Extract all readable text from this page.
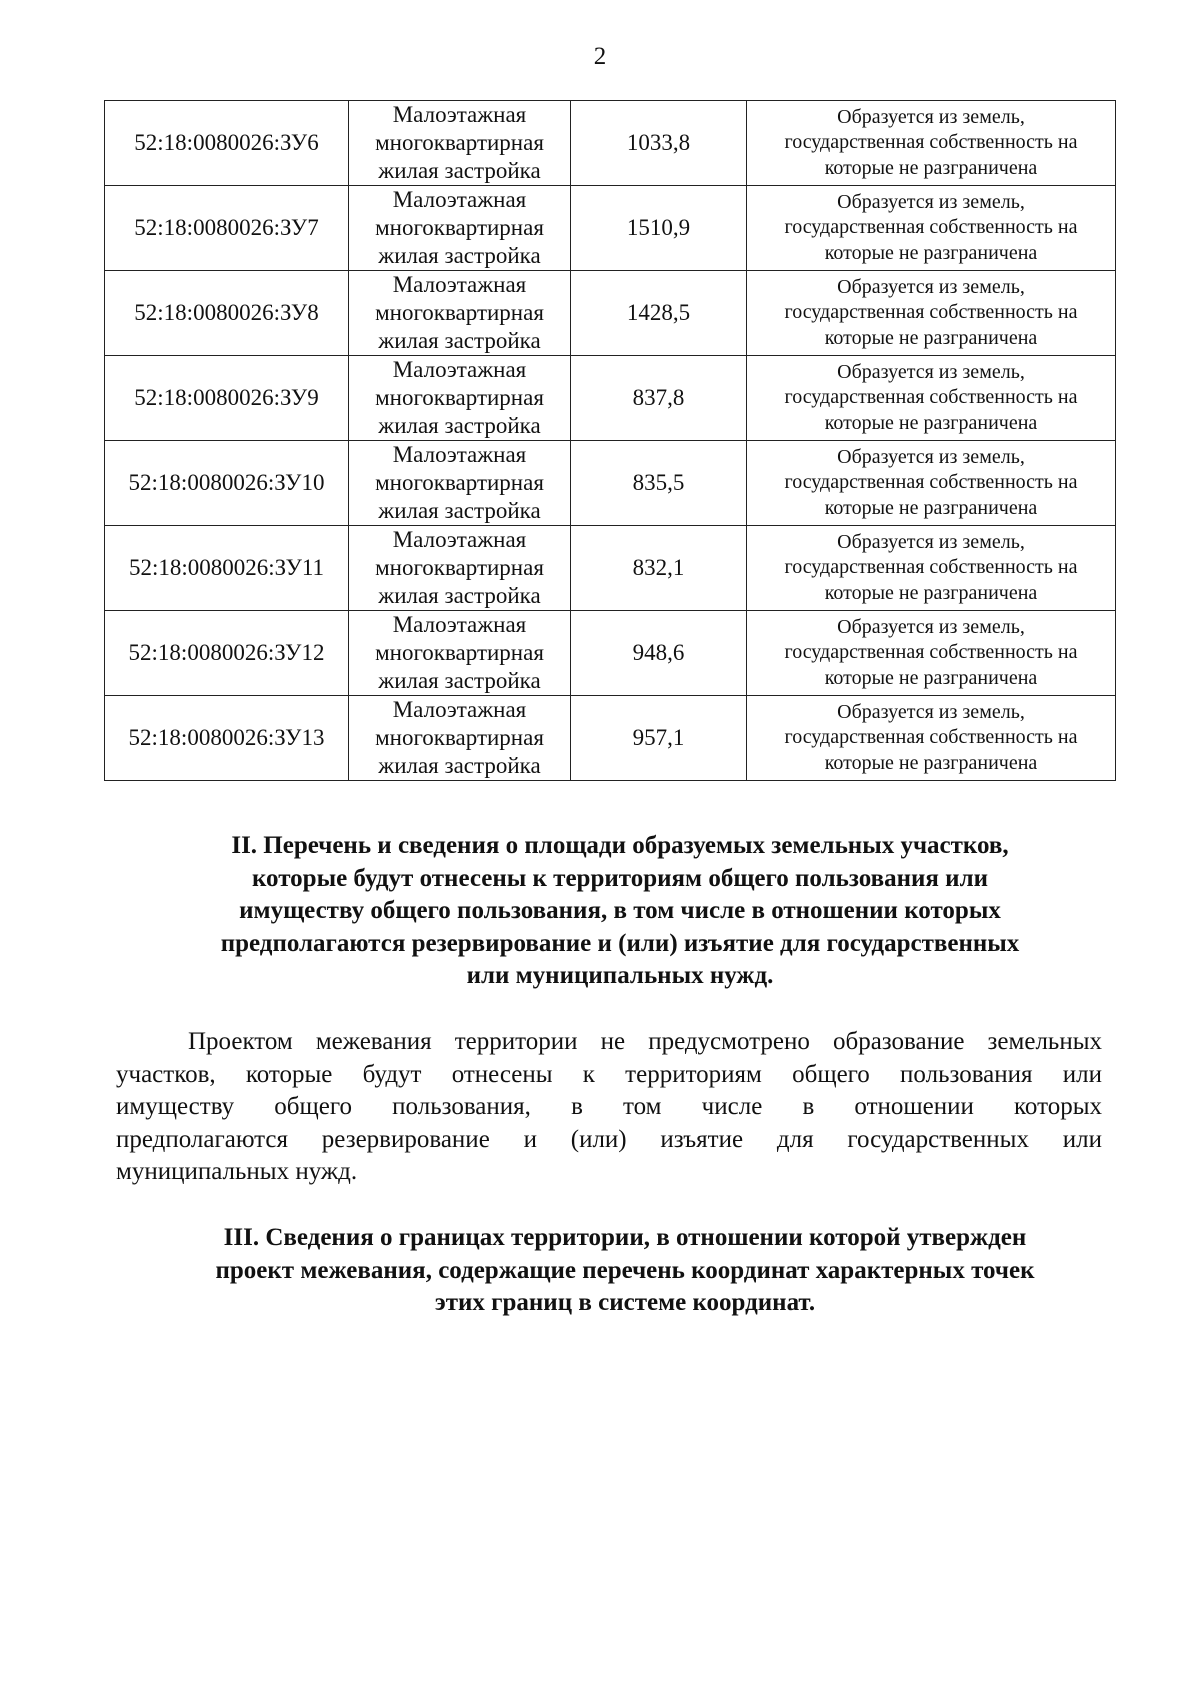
2
52:18:0080026:ЗУ6	Малоэтажная
многоквартирная
жилая застройка	1033,8	Образуется из земель,
государственная собственность на
которые не разграничена

52:18:0080026:ЗУ7	Малоэтажная
многоквартирная
жилая застройка	1510,9	Образуется из земель,
государственная собственность на
которые не разграничена

52:18:0080026:ЗУ8	Малоэтажная
многоквартирная
жилая застройка	1428,5	Образуется из земель,
государственная собственность на
которые не разграничена

52:18:0080026:ЗУ9	Малоэтажная
многоквартирная
жилая застройка	837,8	Образуется из земель,
государственная собственность на
которые не разграничена

52:18:0080026:ЗУ10	Малоэтажная
многоквартирная
жилая застройка	835,5	Образуется из земель,
государственная собственность на
которые не разграничена

52:18:0080026:ЗУ11	Малоэтажная
многоквартирная
жилая застройка	832,1	Образуется из земель,
государственная собственность на
которые не разграничена

52:18:0080026:ЗУ12	Малоэтажная
многоквартирная
жилая застройка	948,6	Образуется из земель,
государственная собственность на
которые не разграничена

52:18:0080026:ЗУ13	Малоэтажная
многоквартирная
жилая застройка	957,1	Образуется из земель,
государственная собственность на
которые не разграничена
II. Перечень и сведения о площади образуемых земельных участков,
которые будут отнесены к территориям общего пользования или
имуществу общего пользования, в том числе в отношении которых
предполагаются резервирование и (или) изъятие для государственных
или муниципальных нужд.
Проектом межевания территории не предусмотрено образование земельных
участков, которые будут отнесены к территориям общего пользования или
имуществу общего пользования, в том числе в отношении которых
предполагаются резервирование и (или) изъятие для государственных или
муниципальных нужд.
III. Сведения о границах территории, в отношении которой утвержден
проект межевания, содержащие перечень координат характерных точек
этих границ в системе координат.
